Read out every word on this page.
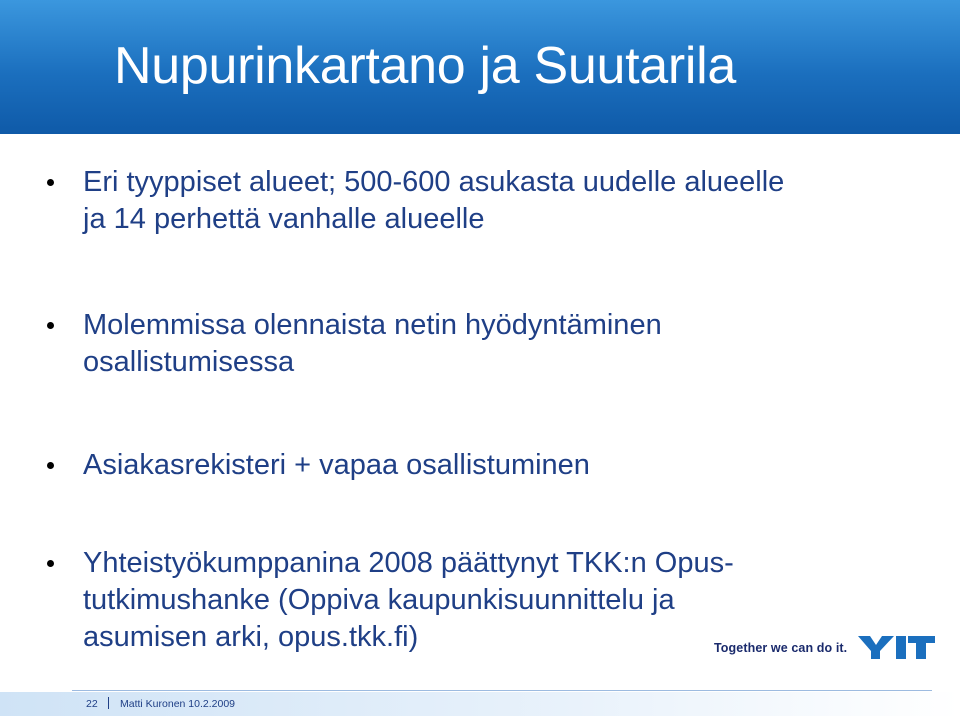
Nupurinkartano ja Suutarila
Eri tyyppiset alueet; 500-600 asukasta uudelle alueelle
ja 14 perhettä vanhalle alueelle
Molemmissa olennaista netin hyödyntäminen
osallistumisessa
Asiakasrekisteri + vapaa osallistuminen
Yhteistyökumppanina 2008 päättynyt TKK:n Opus-
tutkimushanke (Oppiva kaupunkisuunnittelu ja
asumisen arki, opus.tkk.fi)	Together we can do it.
22 Matti Kuronen 10.2.2009
